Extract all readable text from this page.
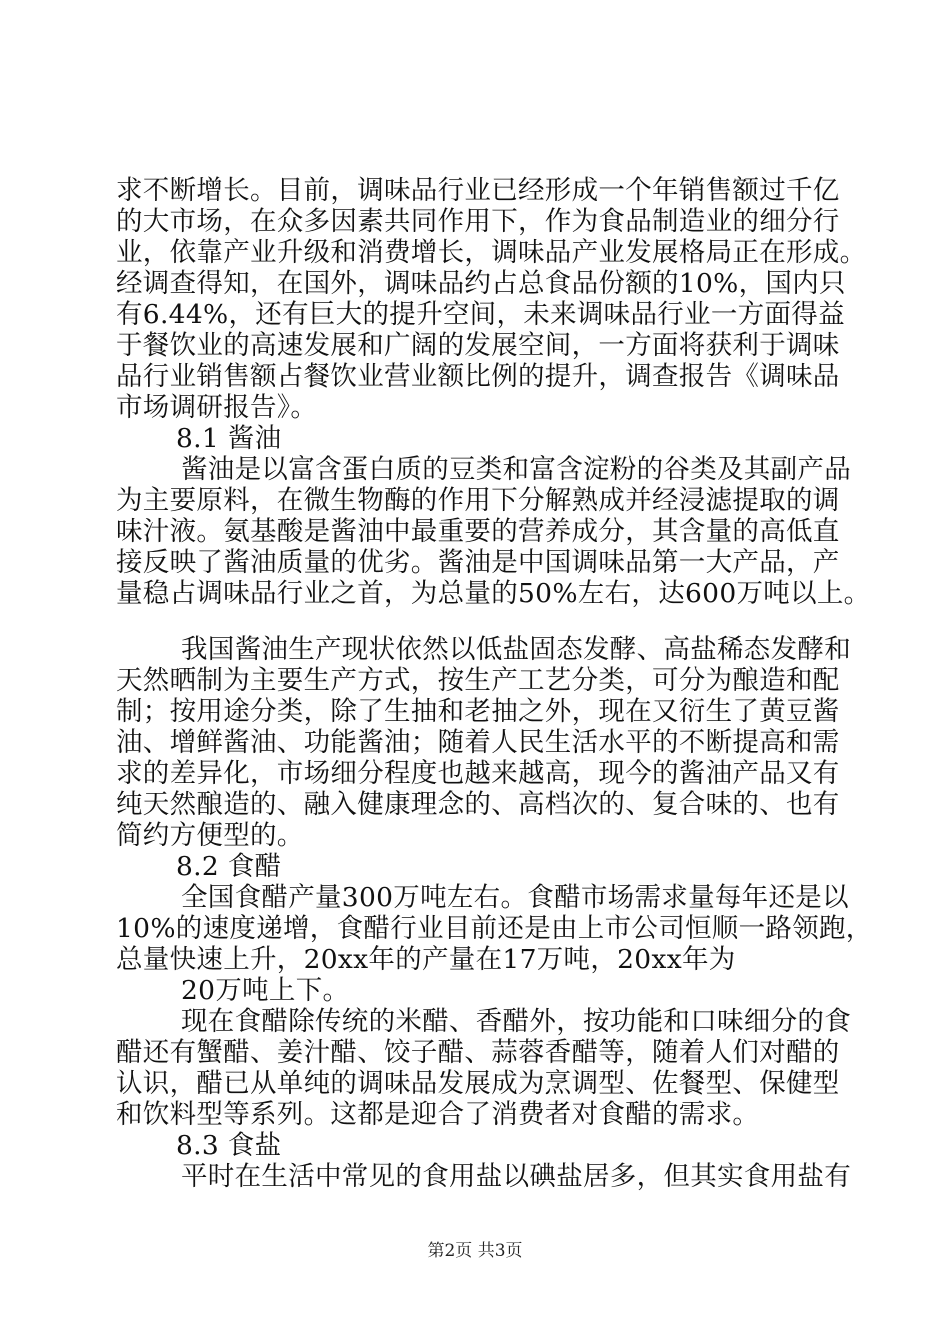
求不断增长。目前，调味品行业已经形成一个年销售额过千亿
的大市场，在众多因素共同作用下，作为食品制造业的细分行
业，依靠产业升级和消费增长，调味品产业发展格局正在形成。
经调查得知，在国外，调味品约占总食品份额的10%，国内只
有6.44%，还有巨大的提升空间，未来调味品行业一方面得益
于餐饮业的高速发展和广阔的发展空间，一方面将获利于调味
品行业销售额占餐饮业营业额比例的提升，调查报告《调味品
市场调研报告》。
8.1 酱油
酱油是以富含蛋白质的豆类和富含淀粉的谷类及其副产品
为主要原料，在微生物酶的作用下分解熟成并经浸滤提取的调
味汁液。氨基酸是酱油中最重要的营养成分，其含量的高低直
接反映了酱油质量的优劣。酱油是中国调味品第一大产品，产
量稳占调味品行业之首，为总量的50%左右，达600万吨以上。
我国酱油生产现状依然以低盐固态发酵、高盐稀态发酵和
天然晒制为主要生产方式，按生产工艺分类，可分为酿造和配
制；按用途分类，除了生抽和老抽之外，现在又衍生了黄豆酱
油、增鲜酱油、功能酱油；随着人民生活水平的不断提高和需
求的差异化，市场细分程度也越来越高，现今的酱油产品又有
纯天然酿造的、融入健康理念的、高档次的、复合味的、也有
简约方便型的。
8.2 食醋
全国食醋产量300万吨左右。食醋市场需求量每年还是以
10%的速度递增，食醋行业目前还是由上市公司恒顺一路领跑，
总量快速上升，20xx年的产量在17万吨，20xx年为
20万吨上下。
现在食醋除传统的米醋、香醋外，按功能和口味细分的食
醋还有蟹醋、姜汁醋、饺子醋、蒜蓉香醋等，随着人们对醋的
认识，醋已从单纯的调味品发展成为烹调型、佐餐型、保健型
和饮料型等系列。这都是迎合了消费者对食醋的需求。
8.3 食盐
平时在生活中常见的食用盐以碘盐居多，但其实食用盐有
第2页 共3页
